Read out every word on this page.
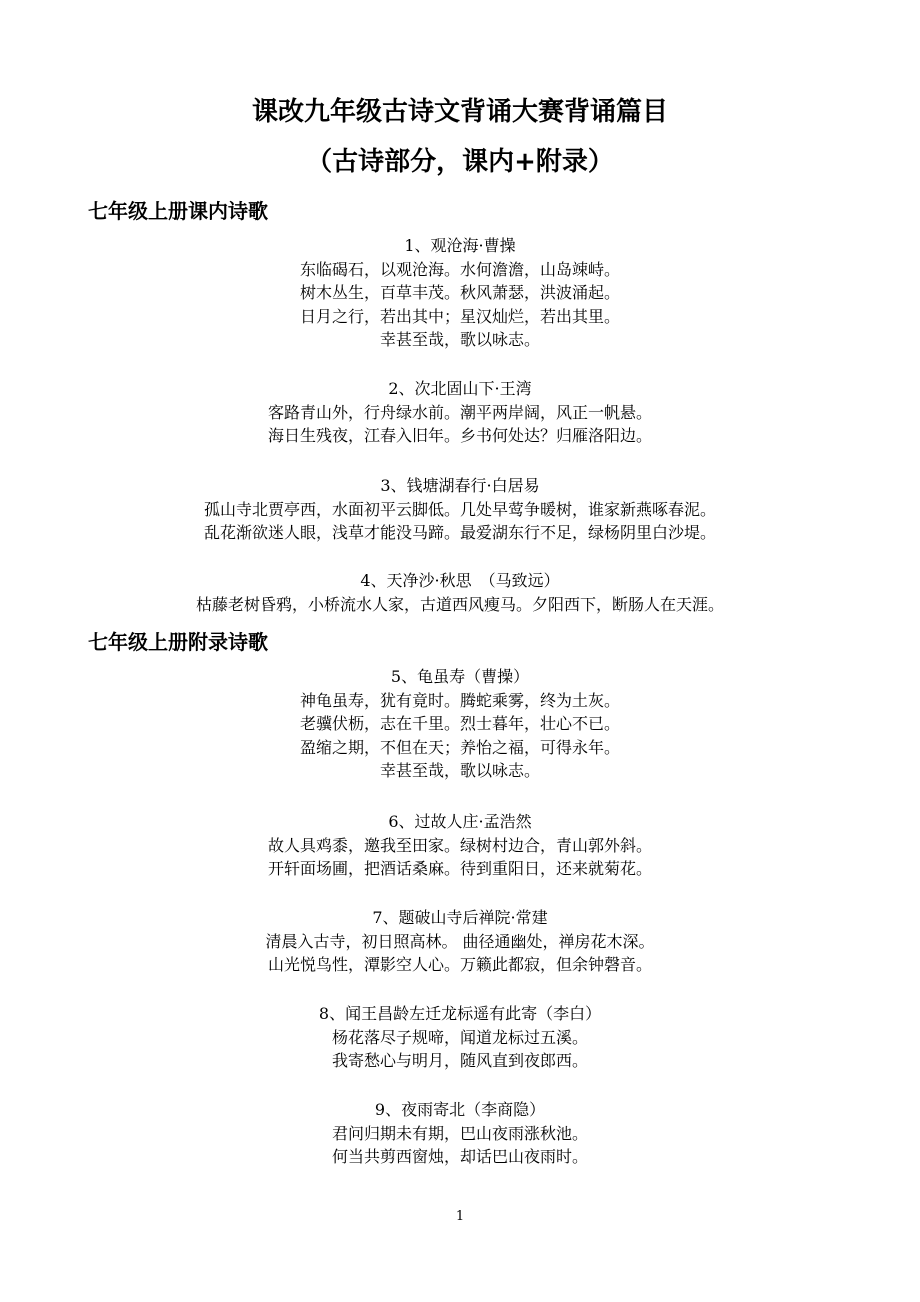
课改九年级古诗文背诵大赛背诵篇目
（古诗部分，课内+附录）
七年级上册课内诗歌

1、观沧海·曹操

东临碣石，以观沧海。水何澹澹，山岛竦峙。

树木丛生，百草丰茂。秋风萧瑟，洪波涌起。

日月之行，若出其中；星汉灿烂，若出其里。

幸甚至哉，歌以咏志。

2、次北固山下·王湾

客路青山外，行舟绿水前。潮平两岸阔，风正一帆悬。

海日生残夜，江春入旧年。乡书何处达？归雁洛阳边。

3、钱塘湖春行·白居易

孤山寺北贾亭西，水面初平云脚低。几处早莺争暖树，谁家新燕啄春泥。

乱花渐欲迷人眼，浅草才能没马蹄。最爱湖东行不足，绿杨阴里白沙堤。

4、天净沙·秋思　（马致远）

枯藤老树昏鸦，小桥流水人家，古道西风瘦马。夕阳西下，断肠人在天涯。

七年级上册附录诗歌

5、龟虽寿（曹操）

神龟虽寿，犹有竟时。腾蛇乘雾，终为土灰。

老骥伏枥，志在千里。烈士暮年，壮心不已。

盈缩之期，不但在天；养怡之福，可得永年。

幸甚至哉，歌以咏志。

6、过故人庄·孟浩然

故人具鸡黍，邀我至田家。绿树村边合，青山郭外斜。

开轩面场圃，把酒话桑麻。待到重阳日，还来就菊花。

7、题破山寺后禅院·常建

清晨入古寺，初日照高林。 曲径通幽处，禅房花木深。

山光悦鸟性，潭影空人心。万籁此都寂，但余钟磬音。

8、闻王昌龄左迁龙标遥有此寄（李白）

杨花落尽子规啼，闻道龙标过五溪。

我寄愁心与明月，随风直到夜郎西。

9、夜雨寄北（李商隐）

君问归期未有期，巴山夜雨涨秋池。

何当共剪西窗烛，却话巴山夜雨时。

1
